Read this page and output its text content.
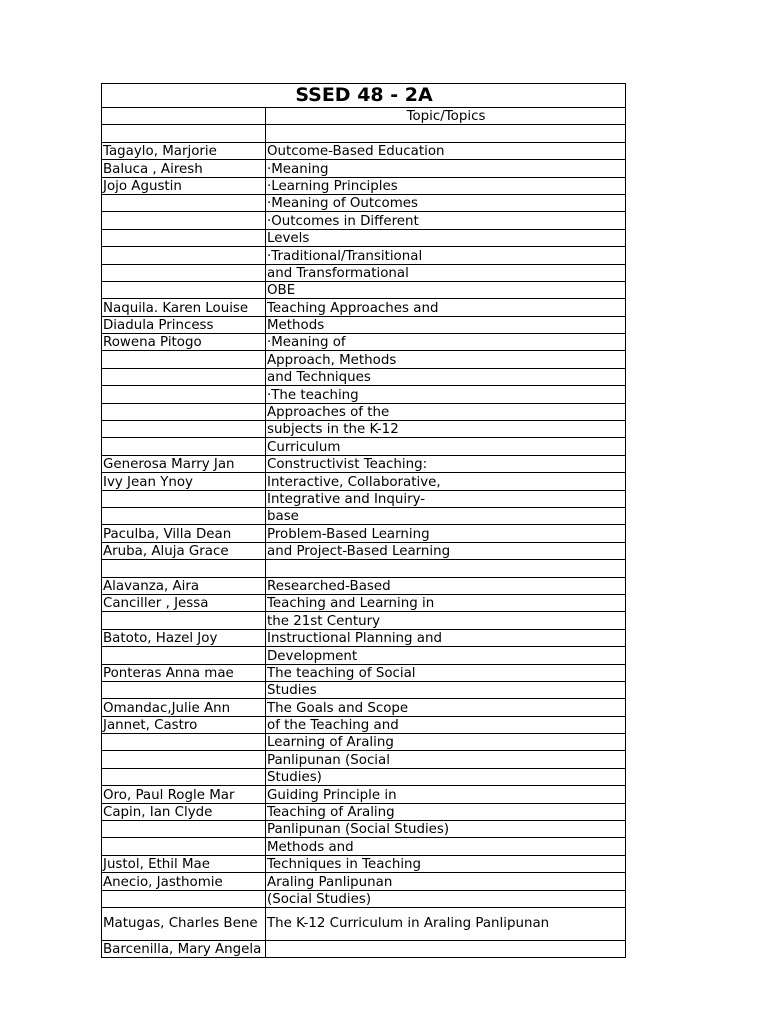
SSED 48 - 2A	
	Topic/Topics

Tagaylo, Marjorie	Outcome-Based Education
Baluca , Airesh	·Meaning
Jojo Agustin	·Learning Principles
	·Meaning of Outcomes
	·Outcomes in Different
	Levels
	·Traditional/Transitional
	and Transformational
	OBE
Naquila. Karen Louise	Teaching Approaches and
Diadula Princess	Methods
Rowena Pitogo	·Meaning of
	Approach, Methods
	and Techniques
	·The teaching
	Approaches of the
	subjects in the K-12
	Curriculum
Generosa Marry Jan	Constructivist Teaching:
Ivy Jean Ynoy	Interactive, Collaborative,
	Integrative and Inquiry-
	base
Paculba, Villa Dean	Problem-Based Learning
Aruba, Aluja Grace	and Project-Based Learning

Alavanza, Aira	Researched-Based
Canciller , Jessa	Teaching and Learning in
	the 21st Century
Batoto, Hazel Joy	Instructional Planning and
	Development
Ponteras Anna mae	The teaching of Social
	Studies
Omandac,Julie Ann	The Goals and Scope
Jannet, Castro	of the Teaching and
	Learning of Araling
	Panlipunan (Social
	Studies)
Oro, Paul Rogle Mar	Guiding Principle in
Capin, Ian Clyde	Teaching of Araling
	Panlipunan (Social Studies)
	Methods and
Justol, Ethil Mae	Techniques in Teaching
Anecio, Jasthomie	Araling Panlipunan
	(Social Studies)
Matugas, Charles Bene	The K-12 Curriculum in Araling Panlipunan
Barcenilla, Mary Angela	
